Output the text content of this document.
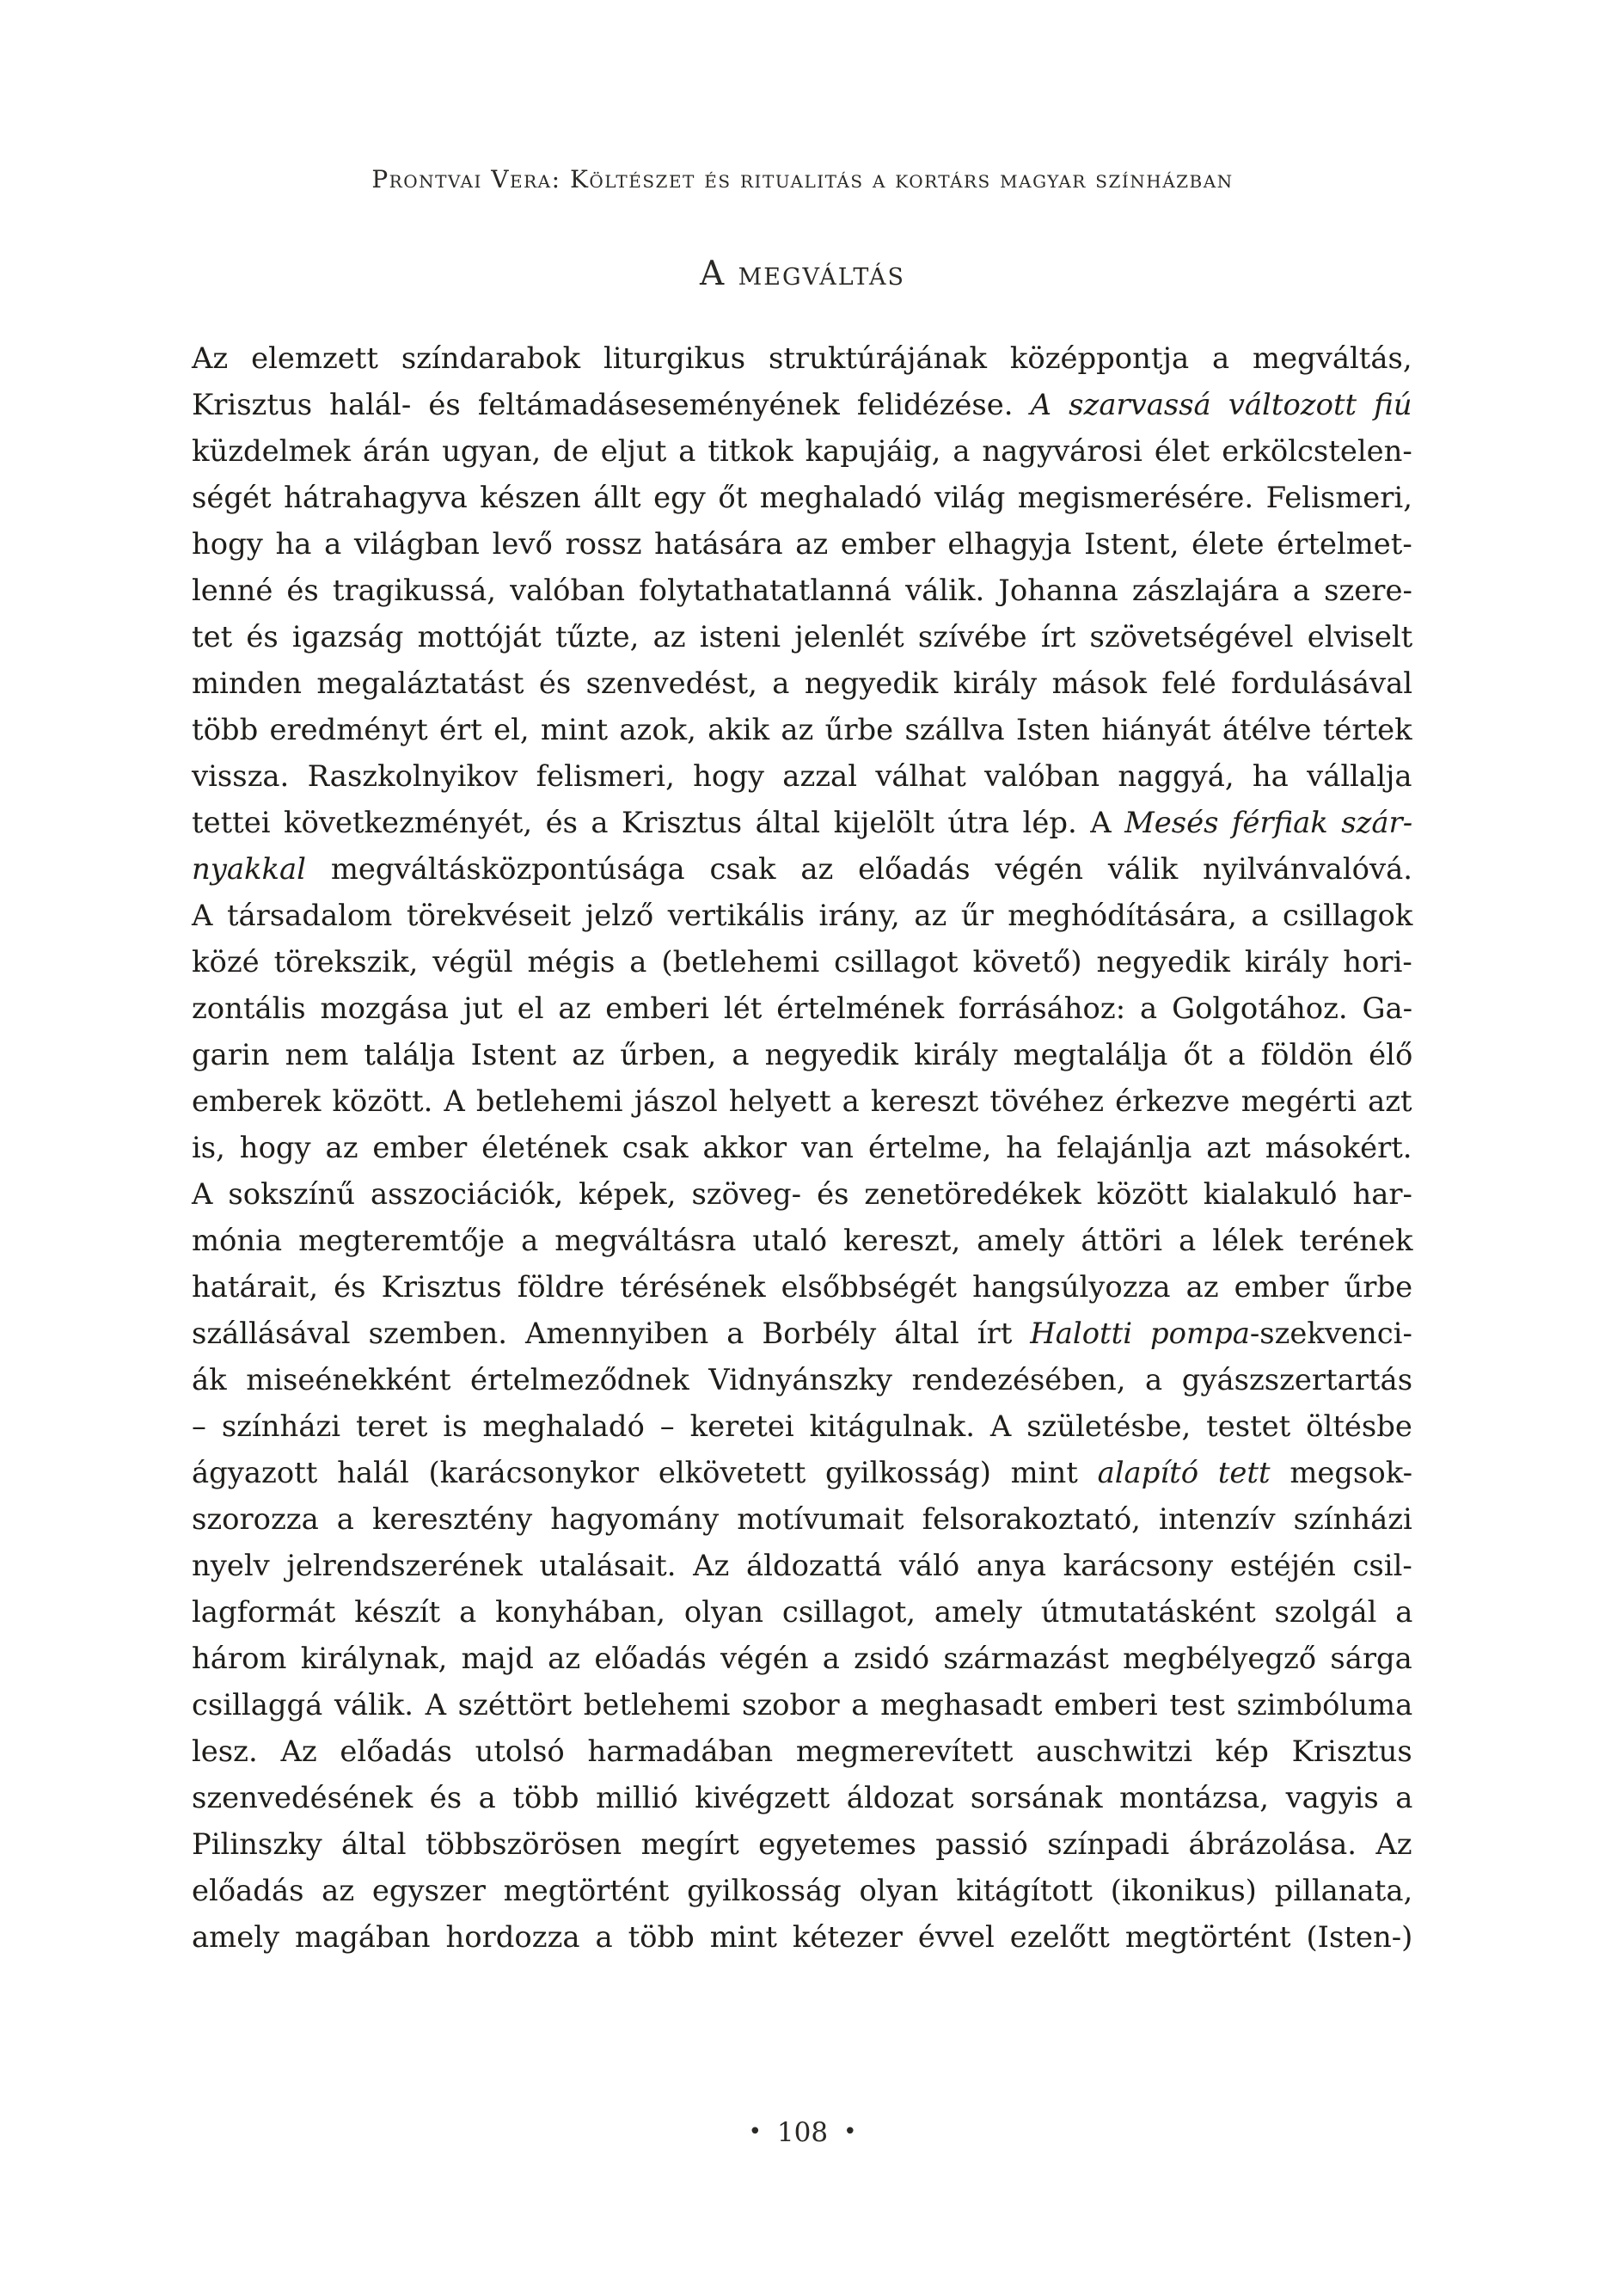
Prontvai Vera: Költészet és ritualitás a kortárs magyar színházban
A megváltás
Az elemzett színdarabok liturgikus struktúrájának középpontja a megváltás,
Krisztus halál- és feltámadáseseményének felidézése. A szarvassá változott fiú
küzdelmek árán ugyan, de eljut a titkok kapujáig, a nagyvárosi élet erkölcstelen-
ségét hátrahagyva készen állt egy őt meghaladó világ megismerésére. Felismeri,
hogy ha a világban levő rossz hatására az ember elhagyja Istent, élete értelmet-
lenné és tragikussá, valóban folytathatatlanná válik. Johanna zászlajára a szere-
tet és igazság mottóját tűzte, az isteni jelenlét szívébe írt szövetségével elviselt
minden megaláztatást és szenvedést, a negyedik király mások felé fordulásával
több eredményt ért el, mint azok, akik az űrbe szállva Isten hiányát átélve tértek
vissza. Raszkolnyikov felismeri, hogy azzal válhat valóban naggyá, ha vállalja
tettei következményét, és a Krisztus által kijelölt útra lép. A Mesés férfiak szár-
nyakkal megváltásközpontúsága csak az előadás végén válik nyilvánvalóvá.
A társadalom törekvéseit jelző vertikális irány, az űr meghódítására, a csillagok
közé törekszik, végül mégis a (betlehemi csillagot követő) negyedik király hori-
zontális mozgása jut el az emberi lét értelmének forrásához: a Golgotához. Ga-
garin nem találja Istent az űrben, a negyedik király megtalálja őt a földön élő
emberek között. A betlehemi jászol helyett a kereszt tövéhez érkezve megérti azt
is, hogy az ember életének csak akkor van értelme, ha felajánlja azt másokért.
A sokszínű asszociációk, képek, szöveg- és zenetöredékek között kialakuló har-
mónia megteremtője a megváltásra utaló kereszt, amely áttöri a lélek terének
határait, és Krisztus földre térésének elsőbbségét hangsúlyozza az ember űrbe
szállásával szemben. Amennyiben a Borbély által írt Halotti pompa-szekvenci-
ák miseénekként értelmeződnek Vidnyánszky rendezésében, a gyászszertartás
– színházi teret is meghaladó – keretei kitágulnak. A születésbe, testet öltésbe
ágyazott halál (karácsonykor elkövetett gyilkosság) mint alapító tett megsok-
szorozza a keresztény hagyomány motívumait felsorakoztató, intenzív színházi
nyelv jelrendszerének utalásait. Az áldozattá váló anya karácsony estéjén csil-
lagformát készít a konyhában, olyan csillagot, amely útmutatásként szolgál a
három királynak, majd az előadás végén a zsidó származást megbélyegző sárga
csillaggá válik. A széttört betlehemi szobor a meghasadt emberi test szimbóluma
lesz. Az előadás utolsó harmadában megmerevített auschwitzi kép Krisztus
szenvedésének és a több millió kivégzett áldozat sorsának montázsa, vagyis a
Pilinszky által többszörösen megírt egyetemes passió színpadi ábrázolása. Az
előadás az egyszer megtörtént gyilkosság olyan kitágított (ikonikus) pillanata,
amely magában hordozza a több mint kétezer évvel ezelőtt megtörtént (Isten-)
• 108 •
